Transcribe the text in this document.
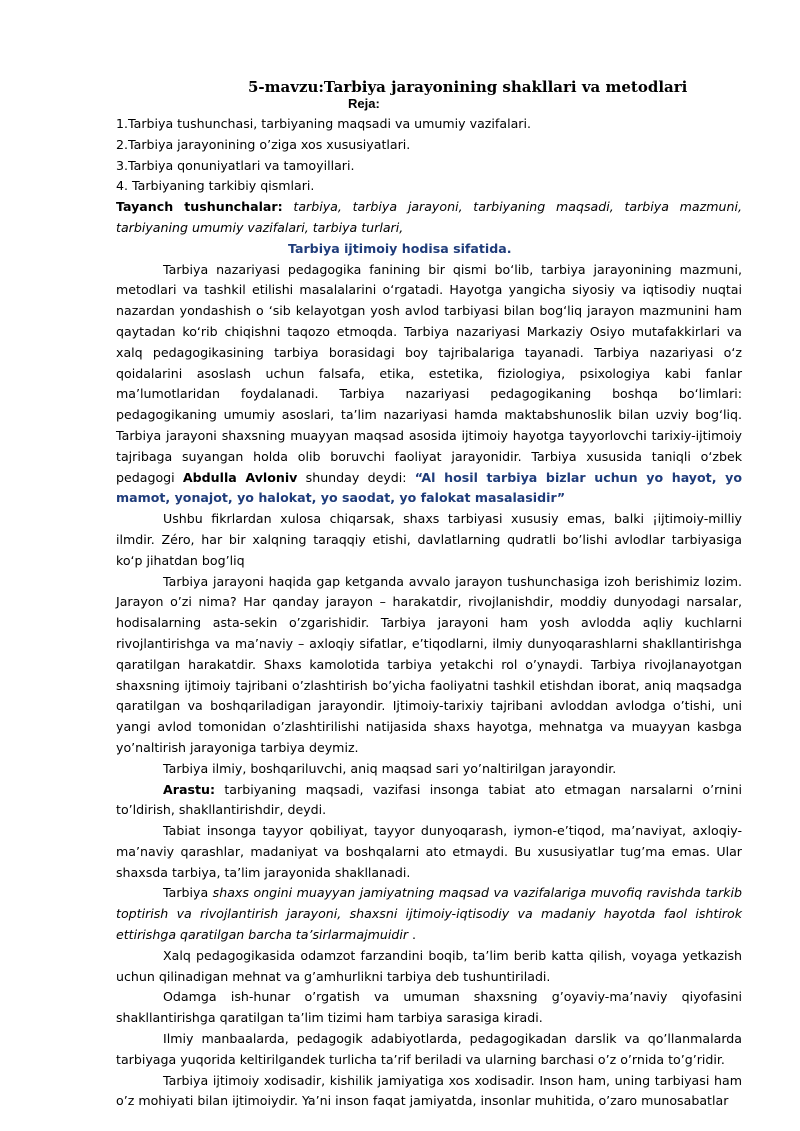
5-mavzu:Tarbiya jarayonining shakllari va metodlari
Reja:

1.Tarbiya tushunchasi, tarbiyaning maqsadi va umumiy vazifalari.

2.Tarbiya jarayonining o’ziga xos xususiyatlari.

3.Tarbiya qonuniyatlari va tamoyillari.

4. Tarbiyaning tarkibiy qismlari.

Tayanch tushunchalar: tarbiya, tarbiya jarayoni, tarbiyaning maqsadi, tarbiya mazmuni, tarbiyaning umumiy vazifalari, tarbiya turlari,

Tarbiya ijtimoiy hodisa sifatida.

Tarbiya nazariyasi pedagogika fanining bir qismi bo‘lib, tarbiya jarayonining mazmuni, metodlari va tashkil etilishi masalalarini o‘rgatadi. Hayotga yangicha siyosiy va iqtisodiy nuqtai nazardan yondashish o ‘sib kelayotgan yosh avlod tarbiyasi bilan bog‘liq jarayon mazmunini ham qaytadan ko‘rib chiqishni taqozo etmoqda. Tarbiya nazariyasi Markaziy Osiyo mutafakkirlari va xalq pedagogikasining tarbiya borasidagi boy tajribalariga tayanadi. Tarbiya nazariyasi o‘z qoidalarini asoslash uchun falsafa, etika, estetika, fiziologiya, psixologiya kabi fanlar ma’lumotlaridan foydalanadi. Tarbiya nazariyasi pedagogikaning boshqa bo‘limlari: pedagogikaning umumiy asoslari, ta’lim nazariyasi hamda maktabshunoslik bilan uzviy bog‘liq. Tarbiya jarayoni shaxsning muayyan maqsad asosida ijtimoiy hayotga tayyorlovchi tarixiy-ijtimoiy tajribaga suyangan holda olib boruvchi faoliyat jarayonidir. Tarbiya xususida taniqli o‘zbek pedagogi Abdulla Avloniv shunday deydi: “Al hosil tarbiya bizlar uchun yo hayot, yo mamot, yonajot, yo halokat, yo saodat, yo falokat masalasidir”

Ushbu fikrlardan xulosa chiqarsak, shaxs tarbiyasi xususiy emas, balki ¡ijtimoiy-milliy ilmdir. Zéro, har bir xalqning taraqqiy etishi, davlatlarning qudratli bo’lishi avlodlar tarbiyasiga ko‘p jihatdan bog’liq

Tarbiya jarayoni haqida gap ketganda avvalo jarayon tushunchasiga izoh berishimiz lozim. Jarayon o’zi nima? Har qanday jarayon – harakatdir, rivojlanishdir, moddiy dunyodagi narsalar, hodisalarning asta-sekin o’zgarishidir. Tarbiya jarayoni ham yosh avlodda aqliy kuchlarni rivojlantirishga va ma’naviy – axloqiy sifatlar, e’tiqodlarni, ilmiy dunyoqarashlarni shakllantirishga qaratilgan harakatdir. Shaxs kamolotida tarbiya yetakchi rol o’ynaydi. Tarbiya rivojlanayotgan shaxsning ijtimoiy tajribani o’zlashtirish bo’yicha faoliyatni tashkil etishdan iborat, aniq maqsadga qaratilgan va boshqariladigan jarayondir. Ijtimoiy-tarixiy tajribani avloddan avlodga o’tishi, uni yangi avlod tomonidan o’zlashtirilishi natijasida shaxs hayotga, mehnatga va muayyan kasbga yo’naltirish jarayoniga tarbiya deymiz.

Tarbiya ilmiy, boshqariluvchi, aniq maqsad sari yo’naltirilgan jarayondir.

Arastu: tarbiyaning maqsadi, vazifasi insonga tabiat ato etmagan narsalarni o’rnini to’ldirish, shakllantirishdir, deydi.

Tabiat insonga tayyor qobiliyat, tayyor dunyoqarash, iymon-e’tiqod, ma’naviyat, axloqiy-ma’naviy qarashlar, madaniyat va boshqalarni ato etmaydi. Bu xususiyatlar tug’ma emas. Ular shaxsda tarbiya, ta’lim jarayonida shakllanadi.

Tarbiya shaxs ongini muayyan jamiyatning maqsad va vazifalariga muvofiq ravishda tarkib toptirish va rivojlantirish jarayoni, shaxsni ijtimoiy-iqtisodiy va madaniy hayotda faol ishtirok ettirishga qaratilgan barcha ta’sirlarmajmuidir .

Xalq pedagogikasida odamzot farzandini boqib, ta’lim berib katta qilish, voyaga yetkazish uchun qilinadigan mehnat va g’amhurlikni tarbiya deb tushuntiriladi.

Odamga ish-hunar o’rgatish va umuman shaxsning g’oyaviy-ma’naviy qiyofasini shakllantirishga qaratilgan ta’lim tizimi ham tarbiya sarasiga kiradi.

Ilmiy manbaalarda, pedagogik adabiyotlarda, pedagogikadan darslik va qo’llanmalarda tarbiyaga yuqorida keltirilgandek turlicha ta’rif beriladi va ularning barchasi o’z o’rnida to’g’ridir.

Tarbiya ijtimoiy xodisadir, kishilik jamiyatiga xos xodisadir. Inson ham, uning tarbiyasi ham o’z mohiyati bilan ijtimoiydir. Ya’ni inson faqat jamiyatda, insonlar muhitida, o’zaro munosabatlar
